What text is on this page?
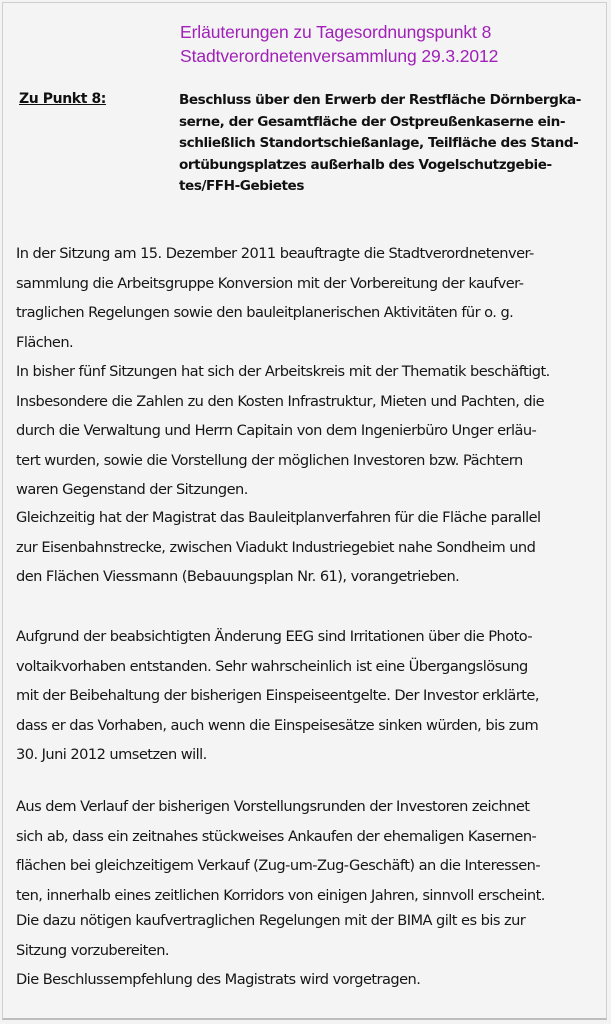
Erläuterungen zu Tagesordnungspunkt 8
Stadtverordnetenversammlung 29.3.2012
Zu Punkt 8:	Beschluss über den Erwerb der Restfläche Dörnbergka-
serne, der Gesamtfläche der Ostpreußenkaserne ein-
schließlich Standortschießanlage, Teilfläche des Stand-
ortübungsplatzes außerhalb des Vogelschutzgebie-
tes/FFH-Gebietes
In der Sitzung am 15. Dezember 2011 beauftragte die Stadtverordnetenver-
sammlung die Arbeitsgruppe Konversion mit der Vorbereitung der kaufver-
traglichen Regelungen sowie den bauleitplanerischen Aktivitäten für o. g.
Flächen.
In bisher fünf Sitzungen hat sich der Arbeitskreis mit der Thematik beschäftigt.
Insbesondere die Zahlen zu den Kosten Infrastruktur, Mieten und Pachten, die
durch die Verwaltung und Herrn Capitain von dem Ingenierbüro Unger erläu-
tert wurden, sowie die Vorstellung der möglichen Investoren bzw. Pächtern
waren Gegenstand der Sitzungen.
Gleichzeitig hat der Magistrat das Bauleitplanverfahren für die Fläche parallel
zur Eisenbahnstrecke, zwischen Viadukt Industriegebiet nahe Sondheim und
den Flächen Viessmann (Bebauungsplan Nr. 61), vorangetrieben.
Aufgrund der beabsichtigten Änderung EEG sind Irritationen über die Photo-
voltaikvorhaben entstanden. Sehr wahrscheinlich ist eine Übergangslösung
mit der Beibehaltung der bisherigen Einspeiseentgelte. Der Investor erklärte,
dass er das Vorhaben, auch wenn die Einspeisesätze sinken würden, bis zum
30. Juni 2012 umsetzen will.
Aus dem Verlauf der bisherigen Vorstellungsrunden der Investoren zeichnet
sich ab, dass ein zeitnahes stückweises Ankaufen der ehemaligen Kasernen-
flächen bei gleichzeitigem Verkauf (Zug-um-Zug-Geschäft) an die Interessen-
ten, innerhalb eines zeitlichen Korridors von einigen Jahren, sinnvoll erscheint.
Die dazu nötigen kaufvertraglichen Regelungen mit der BIMA gilt es bis zur
Sitzung vorzubereiten.
Die Beschlussempfehlung des Magistrats wird vorgetragen.
